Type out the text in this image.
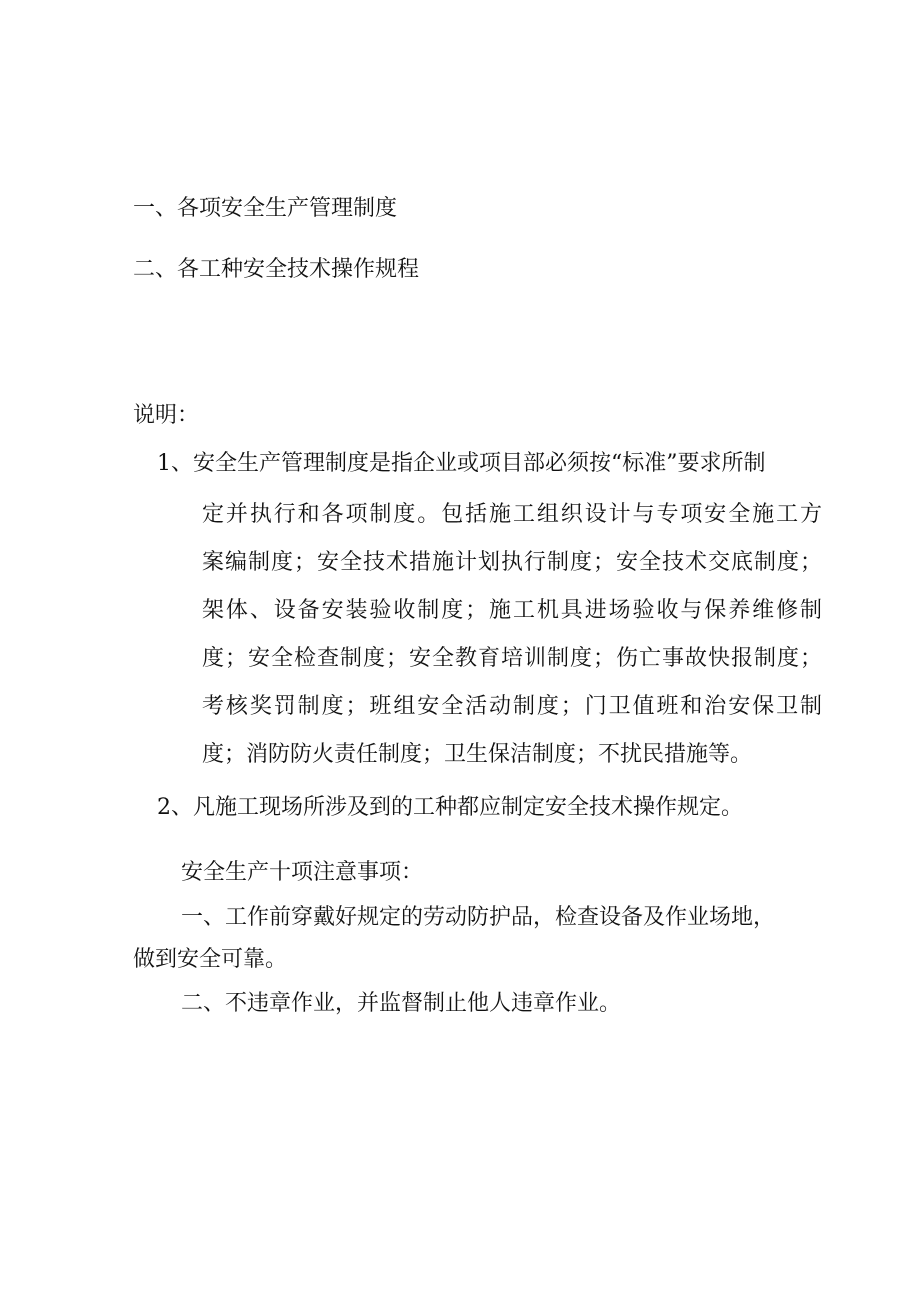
一、各项安全生产管理制度
二、各工种安全技术操作规程
说明：
1、安全生产管理制度是指企业或项目部必须按“标准”要求所制
定并执行和各项制度。包括施工组织设计与专项安全施工方
案编制度；安全技术措施计划执行制度；安全技术交底制度；
架体、设备安装验收制度；施工机具进场验收与保养维修制
度；安全检查制度；安全教育培训制度；伤亡事故快报制度；
考核奖罚制度；班组安全活动制度；门卫值班和治安保卫制
度；消防防火责任制度；卫生保洁制度；不扰民措施等。
2、凡施工现场所涉及到的工种都应制定安全技术操作规定。
安全生产十项注意事项：
一、工作前穿戴好规定的劳动防护品，检查设备及作业场地，
做到安全可靠。
二、不违章作业，并监督制止他人违章作业。
